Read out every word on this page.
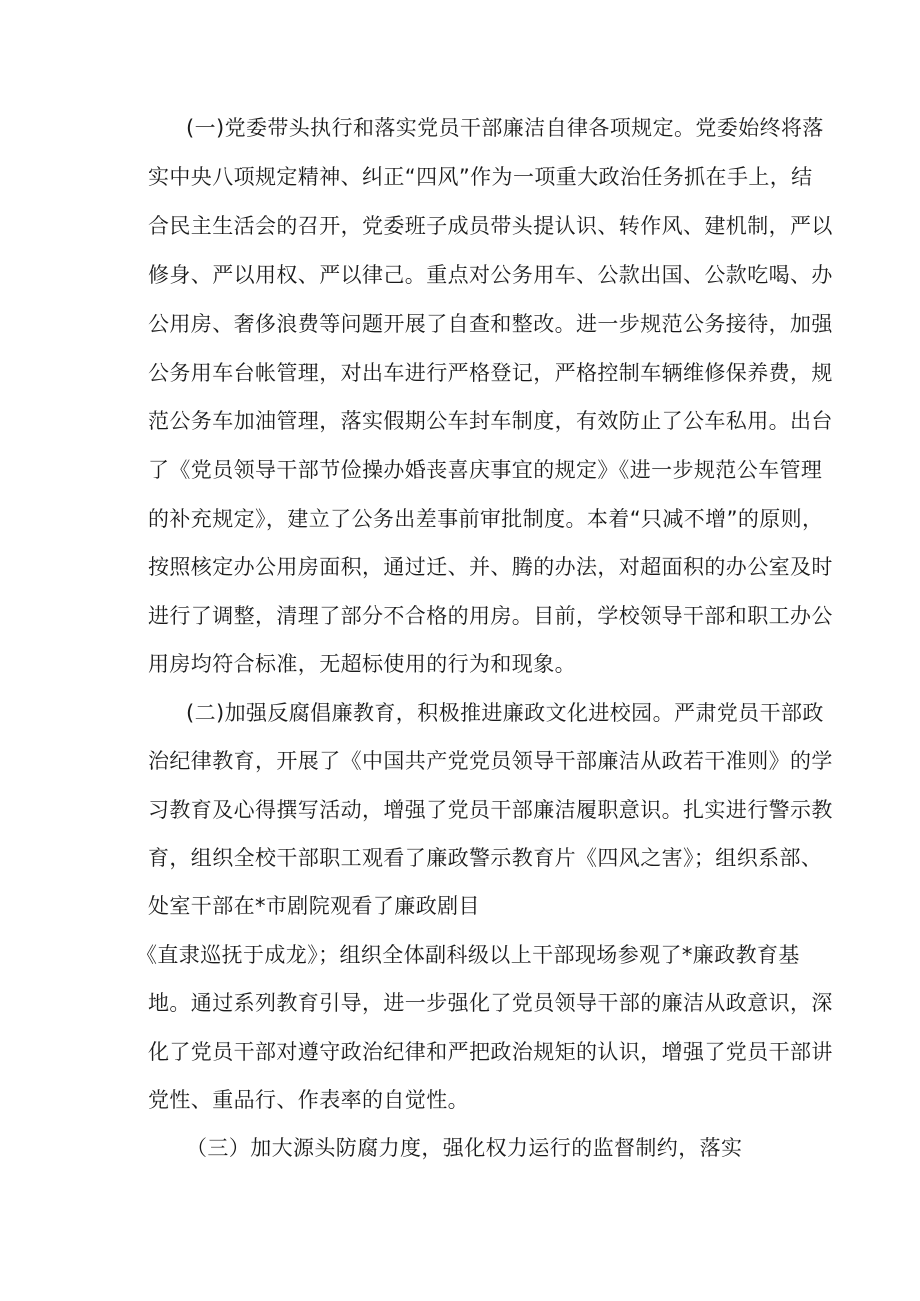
(一)党委带头执行和落实党员干部廉洁自律各项规定。党委始终将落
实中央八项规定精神、纠正“四风”作为一项重大政治任务抓在手上，结
合民主生活会的召开，党委班子成员带头提认识、转作风、建机制，严以
修身、严以用权、严以律己。重点对公务用车、公款出国、公款吃喝、办
公用房、奢侈浪费等问题开展了自查和整改。进一步规范公务接待，加强
公务用车台帐管理，对出车进行严格登记，严格控制车辆维修保养费，规
范公务车加油管理，落实假期公车封车制度，有效防止了公车私用。出台
了《党员领导干部节俭操办婚丧喜庆事宜的规定》《进一步规范公车管理
的补充规定》，建立了公务出差事前审批制度。本着“只减不增”的原则，
按照核定办公用房面积，通过迁、并、腾的办法，对超面积的办公室及时
进行了调整，清理了部分不合格的用房。目前，学校领导干部和职工办公
用房均符合标准，无超标使用的行为和现象。
(二)加强反腐倡廉教育，积极推进廉政文化进校园。严肃党员干部政
治纪律教育，开展了《中国共产党党员领导干部廉洁从政若干准则》的学
习教育及心得撰写活动，增强了党员干部廉洁履职意识。扎实进行警示教
育，组织全校干部职工观看了廉政警示教育片《四风之害》；组织系部、
处室干部在*市剧院观看了廉政剧目
《直隶巡抚于成龙》；组织全体副科级以上干部现场参观了*廉政教育基
地。通过系列教育引导，进一步强化了党员领导干部的廉洁从政意识，深
化了党员干部对遵守政治纪律和严把政治规矩的认识，增强了党员干部讲
党性、重品行、作表率的自觉性。
（三）加大源头防腐力度，强化权力运行的监督制约，落实
